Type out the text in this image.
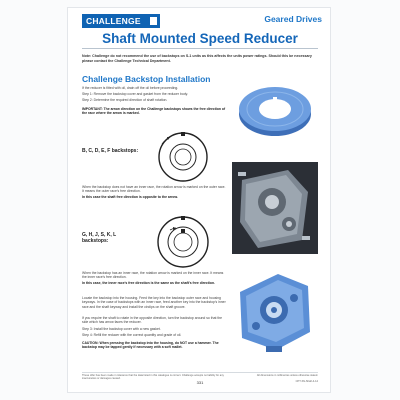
CHALLENGE	Geared Drives
Shaft Mounted Speed Reducer
Note: Challenge do not recommend the use of backstops on S-1 units as this affects the units power ratings. Should this be necessary please contact the Challenge Technical Department.
Challenge Backstop Installation
If the reducer is fitted with oil, drain off the oil before proceeding.
Step 1: Remove the backstop cover and gasket from the reducer body.
Step 2: Determine the required direction of shaft rotation.
IMPORTANT: The arrow direction on the Challenge backstops shows the free direction of the race where the arrow is marked.
B, C, D, E, F backstops:
When the backstop does not have an inner race, the rotation arrow is marked on the outer race. It means the outer race's free direction.
In this case the shaft free direction is opposite to the arrow.
G, H, J, S, K, L backstops:
When the backstop has an inner race, the rotation arrow is marked on the inner race. It means the inner race's free direction.
In this case, the inner race's free direction is the same as the shaft's free direction.
Locate the backstop into the housing. Feed the key into the backstop outer race and housing keyways. In the case of backstops with an inner race, feed another key into the backstop's inner race and the shaft keyway and install the circlips on the shaft groove.
If you require the shaft to rotate in the opposite direction, turn the backstop around so that the side which has arrow faces the reducer.
Step 3: Install the backstop cover with a new gasket.
Step 4: Refill the reducer with the correct quantity and grade of oil.
CAUTION: When pressing the backstop into the housing, do NOT use a hammer. The backstop may be tapped gently if necessary with a soft mallet.
These offer has been made in tolerance that the data listed in this catalogue is correct. Challenge accepts no liability for any inaccuracies or damages caused.
All dimensions in millimetres unless otherwise stated.
331	CPT-SS-Shaft-4-14
